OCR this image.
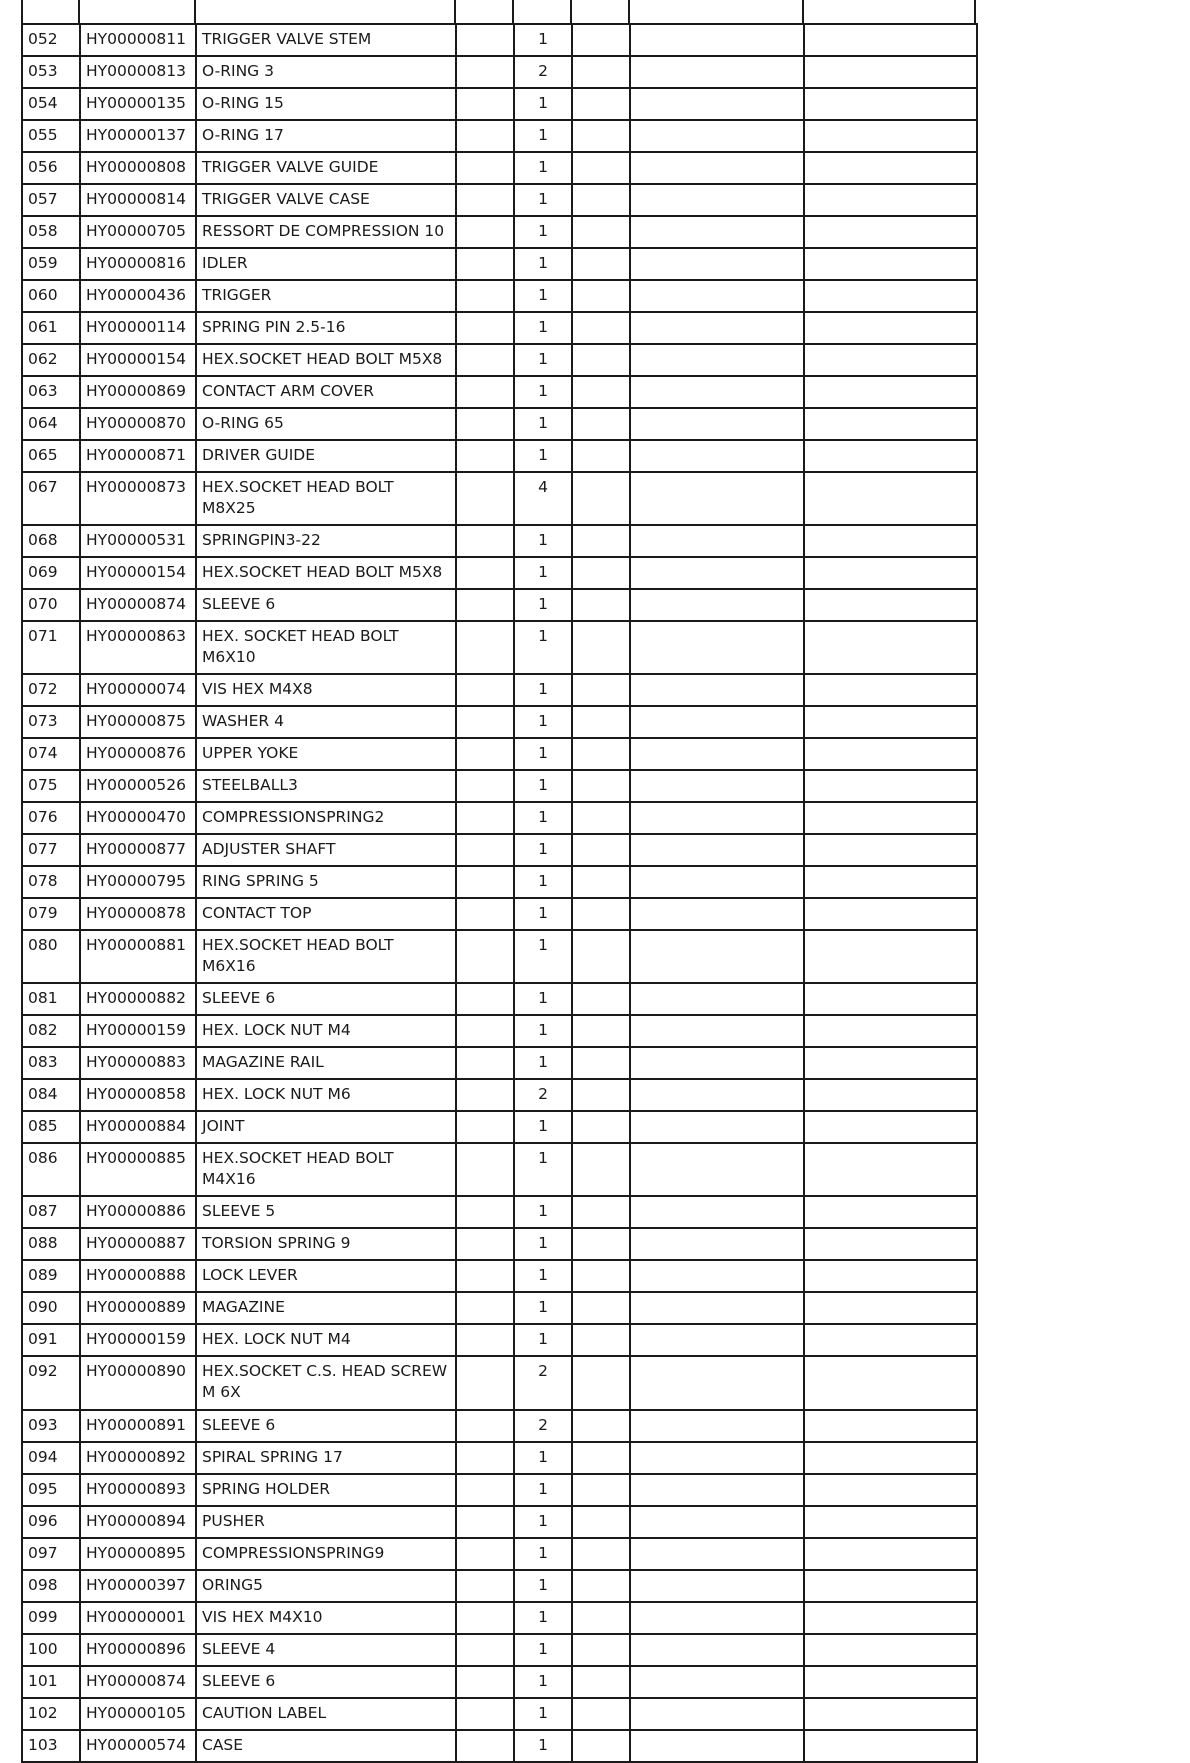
052	HY00000811	TRIGGER VALVE STEM		1			
053	HY00000813	O-RING 3		2			
054	HY00000135	O-RING 15		1			
055	HY00000137	O-RING 17		1			
056	HY00000808	TRIGGER VALVE GUIDE		1			
057	HY00000814	TRIGGER VALVE CASE		1			
058	HY00000705	RESSORT DE COMPRESSION 10		1			
059	HY00000816	IDLER		1			
060	HY00000436	TRIGGER		1			
061	HY00000114	SPRING PIN 2.5-16		1			
062	HY00000154	HEX.SOCKET HEAD BOLT M5X8		1			
063	HY00000869	CONTACT ARM COVER		1			
064	HY00000870	O-RING 65		1			
065	HY00000871	DRIVER GUIDE		1			
067	HY00000873	HEX.SOCKET HEAD BOLT M8X25		4			
068	HY00000531	SPRINGPIN3-22		1			
069	HY00000154	HEX.SOCKET HEAD BOLT M5X8		1			
070	HY00000874	SLEEVE 6		1			
071	HY00000863	HEX. SOCKET HEAD BOLT M6X10		1			
072	HY00000074	VIS HEX M4X8		1			
073	HY00000875	WASHER 4		1			
074	HY00000876	UPPER YOKE		1			
075	HY00000526	STEELBALL3		1			
076	HY00000470	COMPRESSIONSPRING2		1			
077	HY00000877	ADJUSTER SHAFT		1			
078	HY00000795	RING SPRING 5		1			
079	HY00000878	CONTACT TOP		1			
080	HY00000881	HEX.SOCKET HEAD BOLT M6X16		1			
081	HY00000882	SLEEVE 6		1			
082	HY00000159	HEX. LOCK NUT M4		1			
083	HY00000883	MAGAZINE RAIL		1			
084	HY00000858	HEX. LOCK NUT M6		2			
085	HY00000884	JOINT		1			
086	HY00000885	HEX.SOCKET HEAD BOLT M4X16		1			
087	HY00000886	SLEEVE 5		1			
088	HY00000887	TORSION SPRING 9		1			
089	HY00000888	LOCK LEVER		1			
090	HY00000889	MAGAZINE		1			
091	HY00000159	HEX. LOCK NUT M4		1			
092	HY00000890	HEX.SOCKET C.S. HEAD SCREW M 6X		2			
093	HY00000891	SLEEVE 6		2			
094	HY00000892	SPIRAL SPRING 17		1			
095	HY00000893	SPRING HOLDER		1			
096	HY00000894	PUSHER		1			
097	HY00000895	COMPRESSIONSPRING9		1			
098	HY00000397	ORING5		1			
099	HY00000001	VIS HEX M4X10		1			
100	HY00000896	SLEEVE 4		1			
101	HY00000874	SLEEVE 6		1			
102	HY00000105	CAUTION LABEL		1			
103	HY00000574	CASE		1			
